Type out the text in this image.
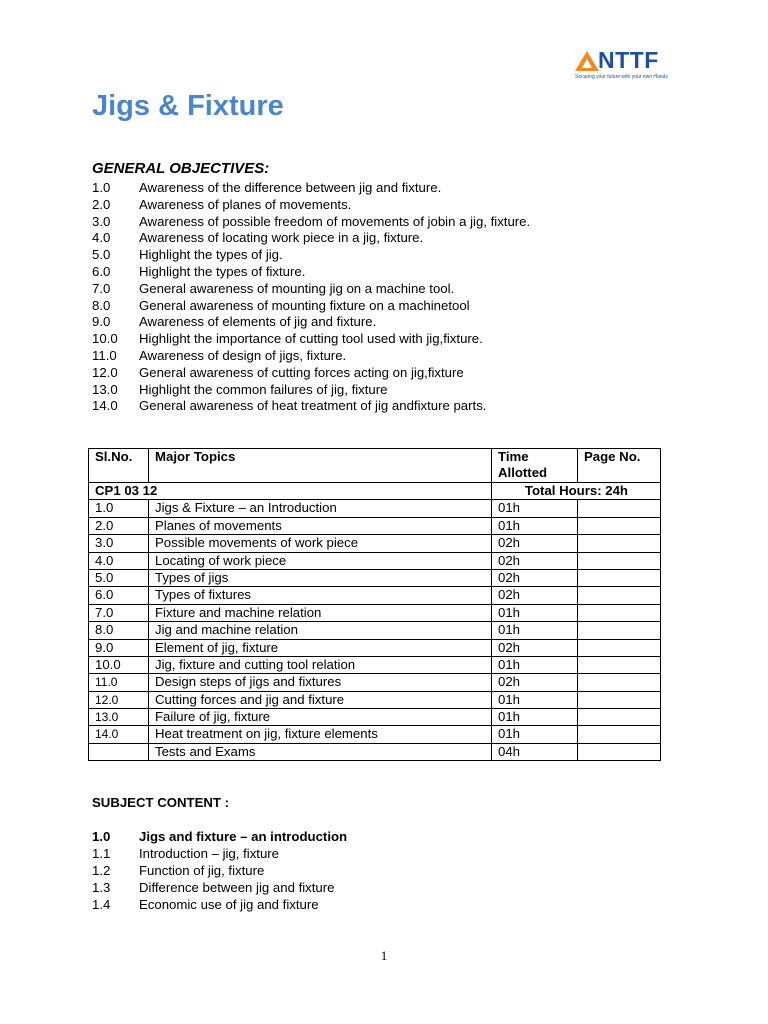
NTTF
Securing your future with your own Hands
Jigs & Fixture
GENERAL OBJECTIVES:
1.0 Awareness of the difference between jig and fixture.
2.0 Awareness of planes of movements.
3.0 Awareness of possible freedom of movements of jobin a jig, fixture.
4.0 Awareness of locating work piece in a jig, fixture.
5.0 Highlight the types of jig.
6.0 Highlight the types of fixture.
7.0 General awareness of mounting jig on a machine tool.
8.0 General awareness of mounting fixture on a machinetool
9.0 Awareness of elements of jig and fixture.
10.0 Highlight the importance of cutting tool used with jig,fixture.
11.0 Awareness of design of jigs, fixture.
12.0 General awareness of cutting forces acting on jig,fixture
13.0 Highlight the common failures of jig, fixture
14.0 General awareness of heat treatment of jig andfixture parts.
Sl.No.	Major Topics	Time Allotted	Page No.
CP1 03 12		Total Hours: 24h	
1.0	Jigs & Fixture – an Introduction	01h	
2.0	Planes of movements	01h	
3.0	Possible movements of work piece	02h	
4.0	Locating of work piece	02h	
5.0	Types of jigs	02h	
6.0	Types of fixtures	02h	
7.0	Fixture and machine relation	01h	
8.0	Jig and machine relation	01h	
9.0	Element of jig, fixture	02h	
10.0	Jig, fixture and cutting tool relation	01h	
11.0	Design steps of jigs and fixtures	02h	
12.0	Cutting forces and jig and fixture	01h	
13.0	Failure of jig, fixture	01h	
14.0	Heat treatment on jig, fixture elements	01h	
	Tests and Exams	04h	
SUBJECT CONTENT :
1.0 Jigs and fixture – an introduction
1.1 Introduction – jig, fixture
1.2 Function of jig, fixture
1.3 Difference between jig and fixture
1.4 Economic use of jig and fixture
1
